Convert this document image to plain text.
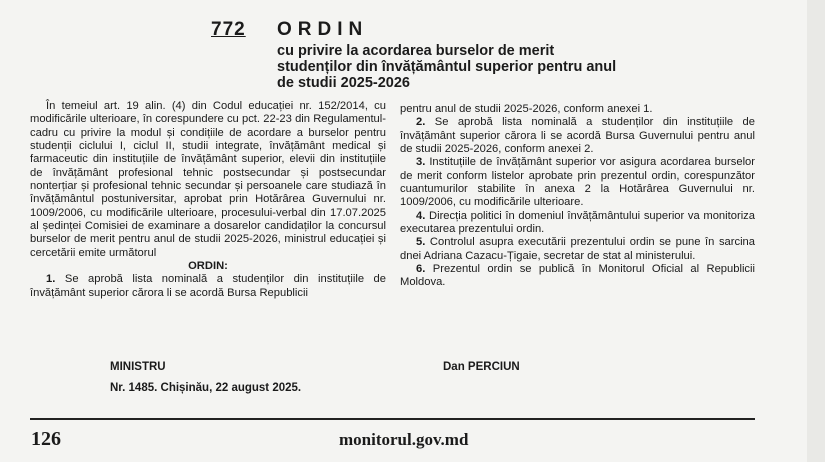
772 ORDIN
cu privire la acordarea burselor de merit
studenților din învățământul superior pentru anul
de studii 2025-2026

În temeiul art. 19 alin. (4) din Codul educației nr. 152/2014, cu modificările ulterioare, în corespundere cu pct. 22-23 din Regulamentul-cadru cu privire la modul și condițiile de acordare a burselor pentru studenții ciclului I, ciclul II, studii integrate, învățământ medical și farmaceutic din instituțiile de învățământ superior, elevii din instituțiile de învățământ profesional tehnic postsecundar și postsecundar nonterțiar și profesional tehnic secundar și persoanele care studiază în învățământul postuniversitar, aprobat prin Hotărârea Guvernului nr. 1009/2006, cu modificările ulterioare, procesului-verbal din 17.07.2025 al ședinței Comisiei de examinare a dosarelor candidaților la concursul burselor de merit pentru anul de studii 2025-2026, ministrul educației și cercetării emite următorul

ORDIN:

1. Se aprobă lista nominală a studenților din instituțiile de învățământ superior cărora li se acordă Bursa Republicii

pentru anul de studii 2025-2026, conform anexei 1.

2. Se aprobă lista nominală a studenților din instituțiile de învățământ superior cărora li se acordă Bursa Guvernului pentru anul de studii 2025-2026, conform anexei 2.

3. Instituțiile de învățământ superior vor asigura acordarea burselor de merit conform listelor aprobate prin prezentul ordin, corespunzător cuantumurilor stabilite în anexa 2 la Hotărârea Guvernului nr. 1009/2006, cu modificările ulterioare.

4. Direcția politici în domeniul învățământului superior va monitoriza executarea prezentului ordin.

5. Controlul asupra executării prezentului ordin se pune în sarcina dnei Adriana Cazacu-Țigaie, secretar de stat al ministerului.

6. Prezentul ordin se publică în Monitorul Oficial al Republicii Moldova.

MINISTRU	Dan PERCIUN
Nr. 1485. Chișinău, 22 august 2025.
126	monitorul.gov.md
